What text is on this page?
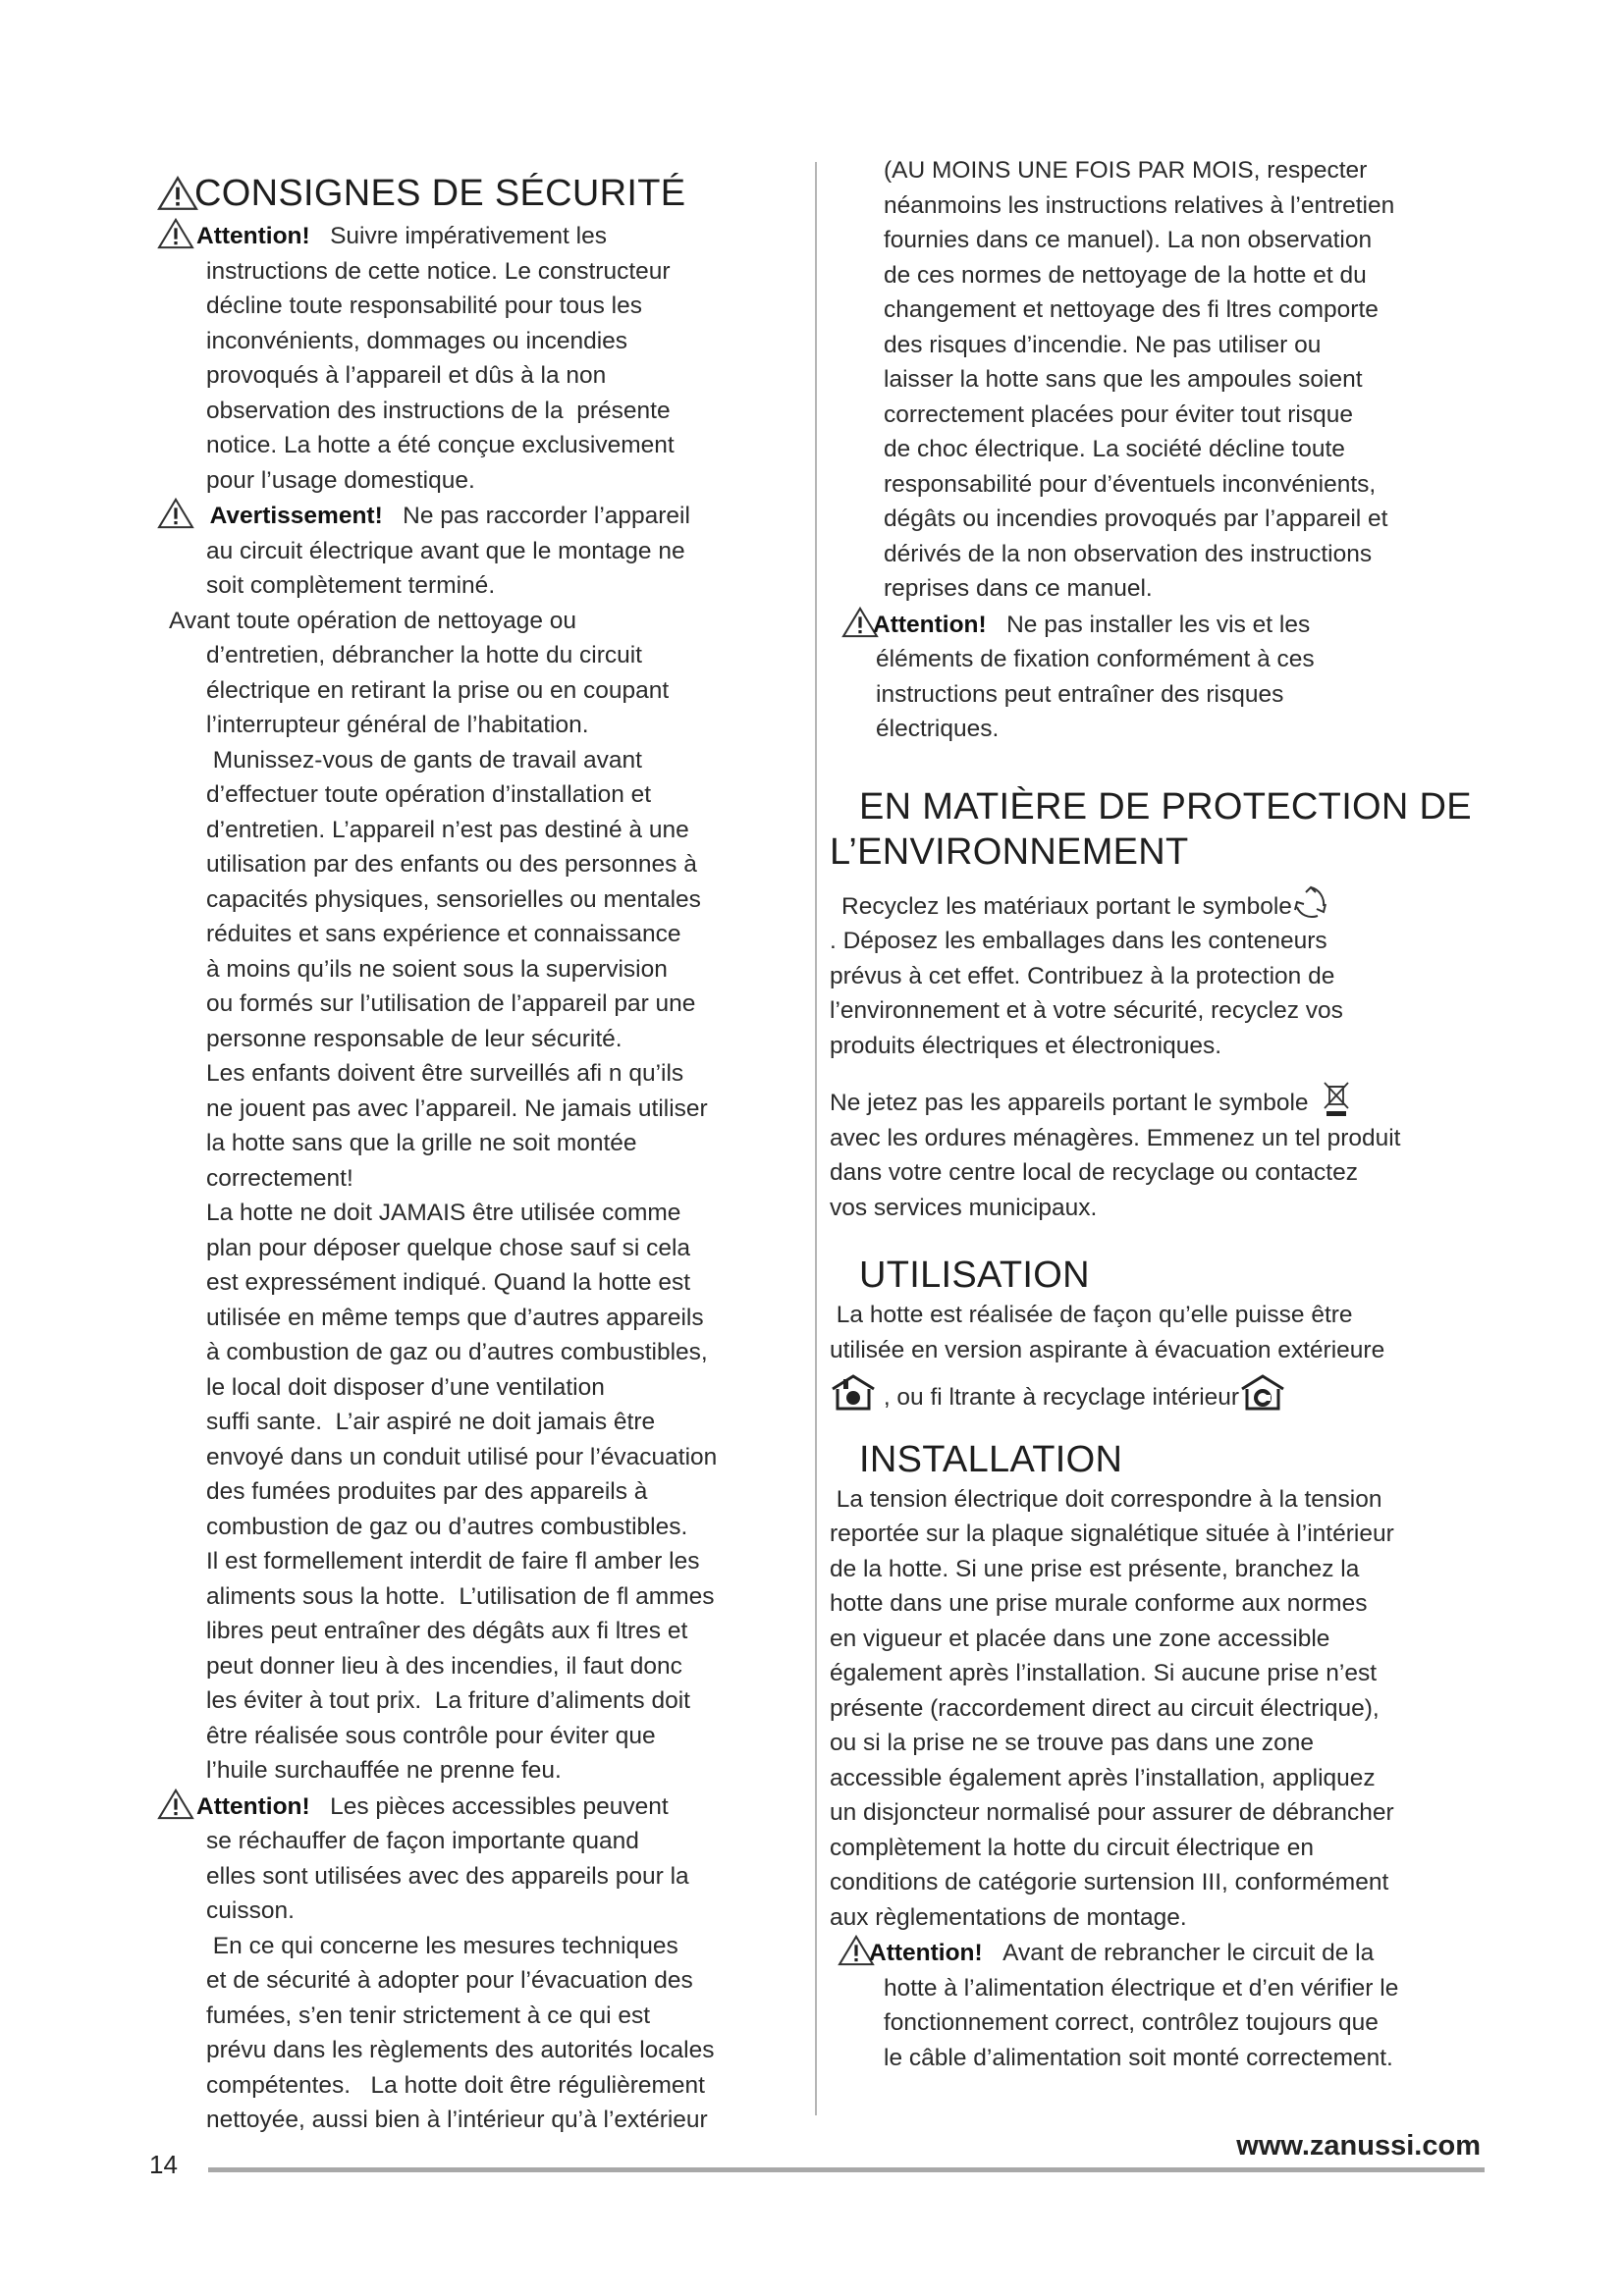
CONSIGNES DE SÉCURITÉ

Attention! Suivre impérativement les

instructions de cette notice. Le constructeur

décline toute responsabilité pour tous les

inconvénients, dommages ou incendies

provoqués à l’appareil et dûs à la non

observation des instructions de la  présente

notice. La hotte a été conçue exclusivement

pour l’usage domestique.

Avertissement! Ne pas raccorder l’appareil

au circuit électrique avant que le montage ne

soit complètement terminé.

Avant toute opération de nettoyage ou

d’entretien, débrancher la hotte du circuit

électrique en retirant la prise ou en coupant

l’interrupteur général de l’habitation.

Munissez-vous de gants de travail avant

d’effectuer toute opération d’installation et

d’entretien. L’appareil n’est pas destiné à une

utilisation par des enfants ou des personnes à

capacités physiques, sensorielles ou mentales

réduites et sans expérience et connaissance

à moins qu’ils ne soient sous la supervision

ou formés sur l’utilisation de l’appareil par une

personne responsable de leur sécurité.

Les enfants doivent être surveillés afi n qu’ils

ne jouent pas avec l’appareil. Ne jamais utiliser

la hotte sans que la grille ne soit montée

correctement!

La hotte ne doit JAMAIS être utilisée comme

plan pour déposer quelque chose sauf si cela

est expressément indiqué. Quand la hotte est

utilisée en même temps que d’autres appareils

à combustion de gaz ou d’autres combustibles,

le local doit disposer d’une ventilation

suffi sante.  L’air aspiré ne doit jamais être

envoyé dans un conduit utilisé pour l’évacuation

des fumées produites par des appareils à

combustion de gaz ou d’autres combustibles.

Il est formellement interdit de faire fl amber les

aliments sous la hotte.  L’utilisation de fl ammes

libres peut entraîner des dégâts aux fi ltres et

peut donner lieu à des incendies, il faut donc

les éviter à tout prix.  La friture d’aliments doit

être réalisée sous contrôle pour éviter que

l’huile surchauffée ne prenne feu.

Attention! Les pièces accessibles peuvent

se réchauffer de façon importante quand

elles sont utilisées avec des appareils pour la

cuisson.

En ce qui concerne les mesures techniques

et de sécurité à adopter pour l’évacuation des

fumées, s’en tenir strictement à ce qui est

prévu dans les règlements des autorités locales

compétentes.   La hotte doit être régulièrement

nettoyée, aussi bien à l’intérieur qu’à l’extérieur

(AU MOINS UNE FOIS PAR MOIS, respecter

néanmoins les instructions relatives à l’entretien

fournies dans ce manuel). La non observation

de ces normes de nettoyage de la hotte et du

changement et nettoyage des fi ltres comporte

des risques d’incendie. Ne pas utiliser ou

laisser la hotte sans que les ampoules soient

correctement placées pour éviter tout risque

de choc électrique. La société décline toute

responsabilité pour d’éventuels inconvénients,

dégâts ou incendies provoqués par l’appareil et

dérivés de la non observation des instructions

reprises dans ce manuel.

Attention! Ne pas installer les vis et les

éléments de fixation conformément à ces

instructions peut entraîner des risques

électriques.

EN MATIÈRE DE PROTECTION DE
L’ENVIRONNEMENT

Recyclez les matériaux portant le symbole

. Déposez les emballages dans les conteneurs

prévus à cet effet. Contribuez à la protection de

l’environnement et à votre sécurité, recyclez vos

produits électriques et électroniques.

Ne jetez pas les appareils portant le symbole

avec les ordures ménagères. Emmenez un tel produit

dans votre centre local de recyclage ou contactez

vos services municipaux.

UTILISATION

La hotte est réalisée de façon qu’elle puisse être

utilisée en version aspirante à évacuation extérieure

, ou fi ltrante à recyclage intérieur

INSTALLATION

La tension électrique doit correspondre à la tension

reportée sur la plaque signalétique située à l’intérieur

de la hotte. Si une prise est présente, branchez la

hotte dans une prise murale conforme aux normes

en vigueur et placée dans une zone accessible

également après l’installation. Si aucune prise n’est

présente (raccordement direct au circuit électrique),

ou si la prise ne se trouve pas dans une zone

accessible également après l’installation, appliquez

un disjoncteur normalisé pour assurer de débrancher

complètement la hotte du circuit électrique en

conditions de catégorie surtension III, conformément

aux règlementations de montage.

Attention! Avant de rebrancher le circuit de la

hotte à l’alimentation électrique et d’en vérifier le

fonctionnement correct, contrôlez toujours que

le câble d’alimentation soit monté correctement.

www.zanussi.com
14
